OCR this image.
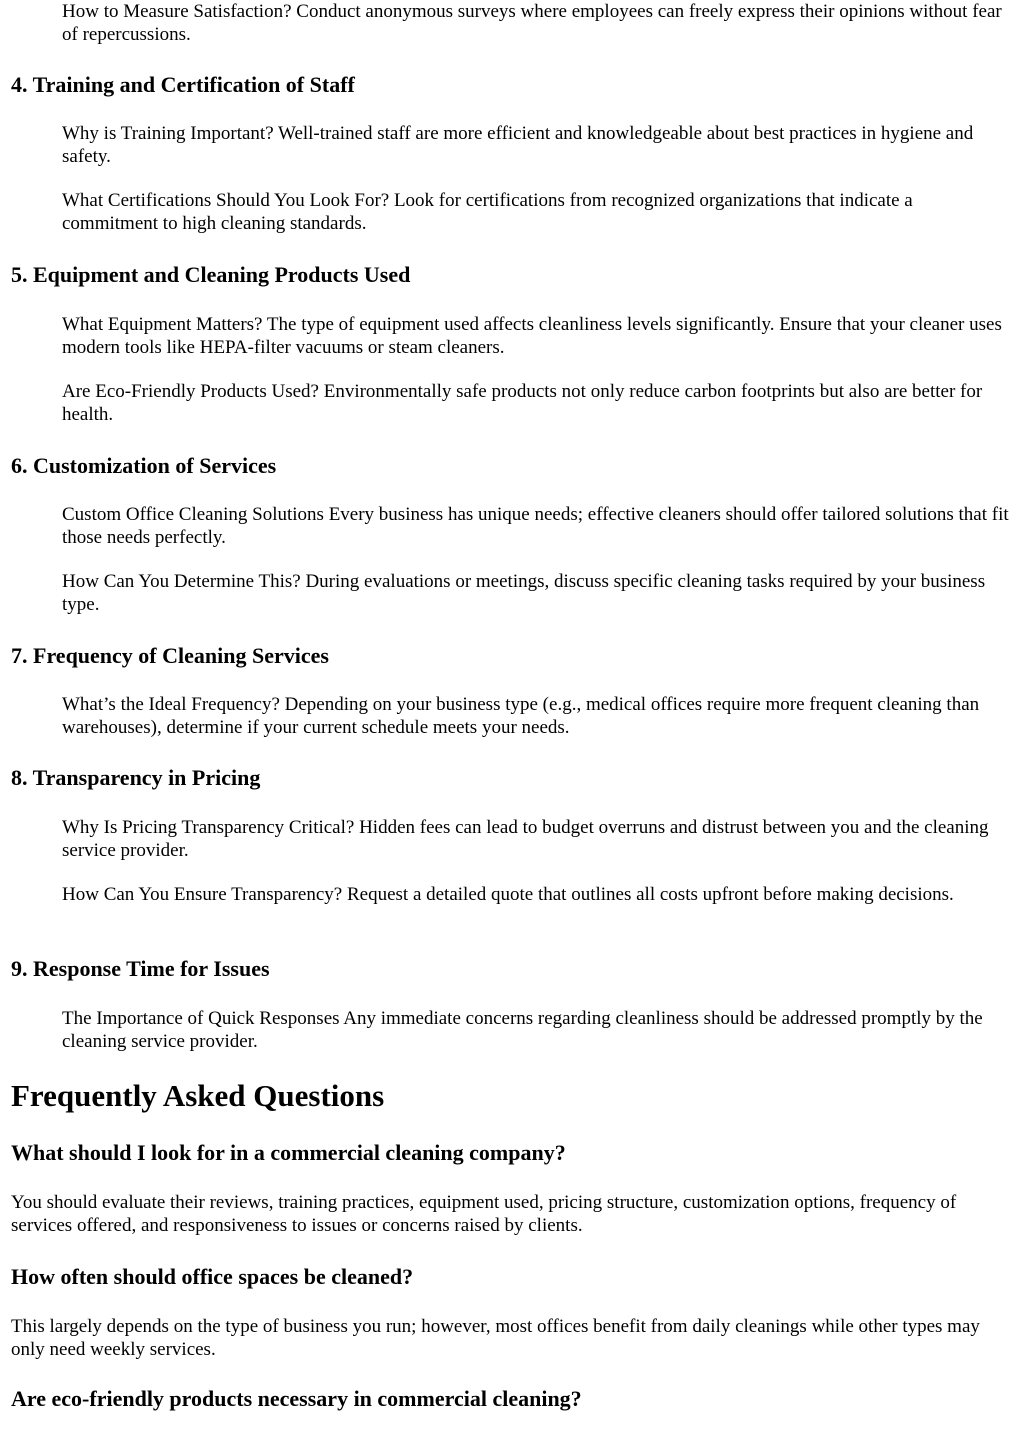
How to Measure Satisfaction? Conduct anonymous surveys where employees can freely express their opinions without fear of repercussions.

4. Training and Certification of Staff

Why is Training Important? Well-trained staff are more efficient and knowledgeable about best practices in hygiene and safety.

What Certifications Should You Look For? Look for certifications from recognized organizations that indicate a commitment to high cleaning standards.

5. Equipment and Cleaning Products Used

What Equipment Matters? The type of equipment used affects cleanliness levels significantly. Ensure that your cleaner uses modern tools like HEPA-filter vacuums or steam cleaners.

Are Eco-Friendly Products Used? Environmentally safe products not only reduce carbon footprints but also are better for health.

6. Customization of Services

Custom Office Cleaning Solutions Every business has unique needs; effective cleaners should offer tailored solutions that fit those needs perfectly.

How Can You Determine This? During evaluations or meetings, discuss specific cleaning tasks required by your business type.

7. Frequency of Cleaning Services

What’s the Ideal Frequency? Depending on your business type (e.g., medical offices require more frequent cleaning than warehouses), determine if your current schedule meets your needs.

8. Transparency in Pricing

Why Is Pricing Transparency Critical? Hidden fees can lead to budget overruns and distrust between you and the cleaning service provider.

How Can You Ensure Transparency? Request a detailed quote that outlines all costs upfront before making decisions.

9. Response Time for Issues

The Importance of Quick Responses Any immediate concerns regarding cleanliness should be addressed promptly by the cleaning service provider.

Frequently Asked Questions
What should I look for in a commercial cleaning company?

You should evaluate their reviews, training practices, equipment used, pricing structure, customization options, frequency of services offered, and responsiveness to issues or concerns raised by clients.

How often should office spaces be cleaned?

This largely depends on the type of business you run; however, most offices benefit from daily cleanings while other types may only need weekly services.

Are eco-friendly products necessary in commercial cleaning?
